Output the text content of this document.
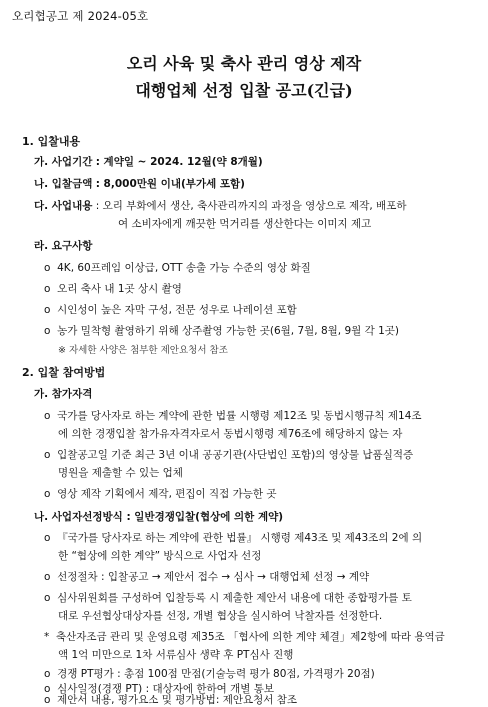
오리협공고 제 2024-05호
오리 사육 및 축사 관리 영상 제작
대행업체 선정 입찰 공고(긴급)
1. 입찰내용
가. 사업기간 : 계약일 ~ 2024. 12월(약 8개월)
나. 입찰금액 : 8,000만원 이내(부가세 포함)
다. 사업내용 : 오리 부화에서 생산, 축사관리까지의 과정을 영상으로 제작, 배포하
여 소비자에게 깨끗한 먹거리를 생산한다는 이미지 제고
라. 요구사항
o 4K, 60프레임 이상급, OTT 송출 가능 수준의 영상 화질
o 오리 축사 내 1곳 상시 촬영
o 시인성이 높은 자막 구성, 전문 성우로 나레이션 포함
o 농가 밀착형 촬영하기 위해 상주촬영 가능한 곳(6월, 7월, 8월, 9월 각 1곳)
※ 자세한 사양은 첨부한 제안요청서 참조
2. 입찰 참여방법
가. 참가자격
o 국가를 당사자로 하는 계약에 관한 법률 시행령 제12조 및 동법시행규칙 제14조
에 의한 경쟁입찰 참가유자격자로서 동법시행령 제76조에 해당하지 않는 자
o 입찰공고일 기준 최근 3년 이내 공공기관(사단법인 포함)의 영상물 납품실적증
명원을 제출할 수 있는 업체
o 영상 제작 기획에서 제작, 편집이 직접 가능한 곳
나. 사업자선정방식 : 일반경쟁입찰(협상에 의한 계약)
o 『국가를 당사자로 하는 계약에 관한 법률』 시행령 제43조 및 제43조의 2에 의
한 “협상에 의한 계약” 방식으로 사업자 선정
o 선정절차 : 입찰공고 → 제안서 접수 → 심사 → 대행업체 선정 → 계약
o 심사위원회를 구성하여 입찰등록 시 제출한 제안서 내용에 대한 종합평가를 토
대로 우선협상대상자를 선정, 개별 협상을 실시하여 낙찰자를 선정한다.
* 축산자조금 관리 및 운영요령 제35조 「협사에 의한 계약 체결」제2항에 따라 용역금
액 1억 미만으로 1차 서류심사 생략 후 PT심사 진행
o 경쟁 PT평가 : 총점 100점 만점(기술능력 평가 80점, 가격평가 20점)
o 심사일정(경쟁 PT) : 대상자에 한하여 개별 통보
o 제안서 내용, 평가요소 및 평가방법: 제안요청서 참조
